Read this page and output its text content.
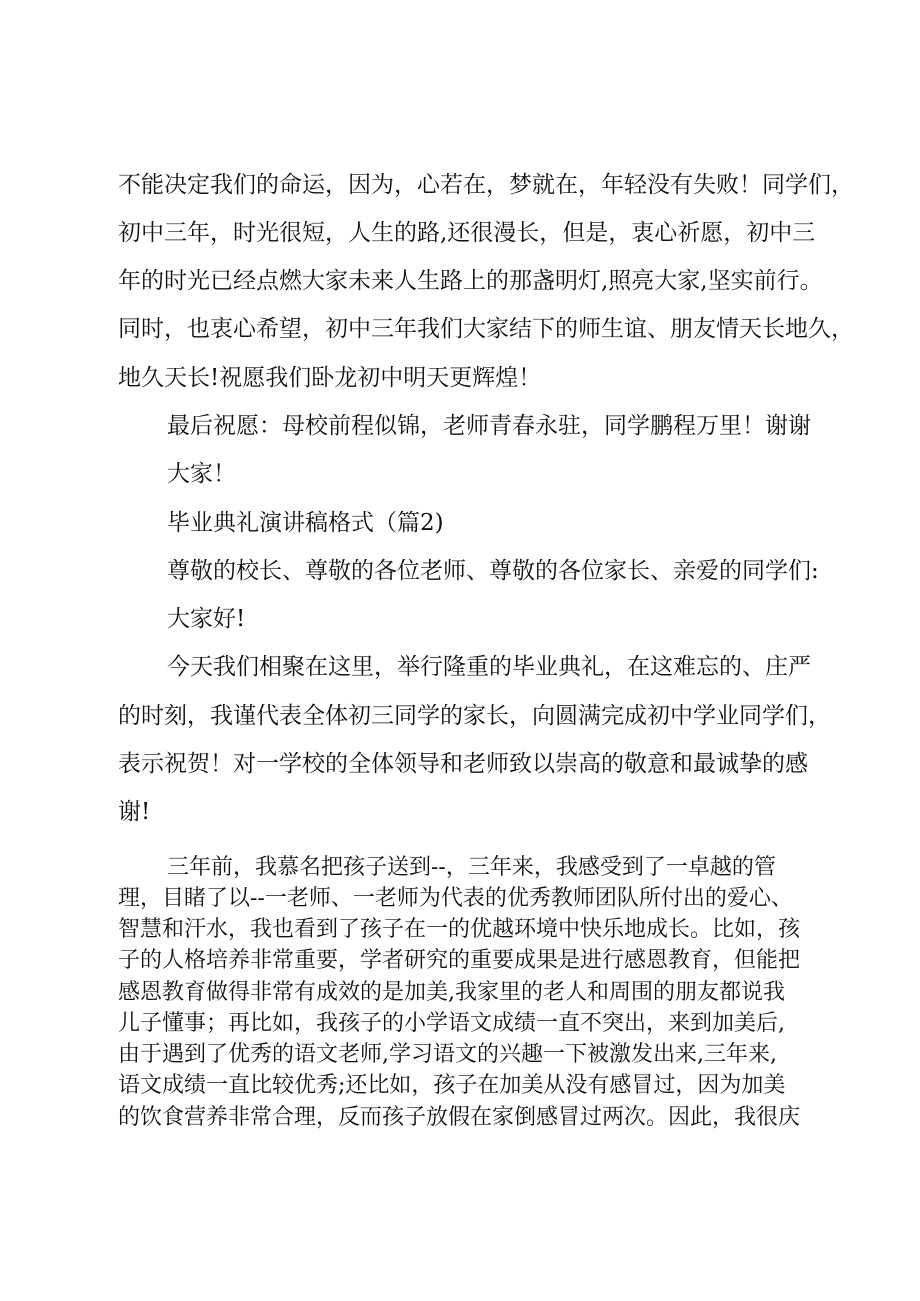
不能决定我们的命运，因为，心若在，梦就在，年轻没有失败！同学们，
初中三年，时光很短，人生的路,还很漫长，但是，衷心祈愿，初中三
年的时光已经点燃大家未来人生路上的那盏明灯,照亮大家,坚实前行。
同时，也衷心希望，初中三年我们大家结下的师生谊、朋友情天长地久，
地久天长!祝愿我们卧龙初中明天更辉煌！
最后祝愿：母校前程似锦，老师青春永驻，同学鹏程万里！谢谢
大家！
毕业典礼演讲稿格式（篇2)
尊敬的校长、尊敬的各位老师、尊敬的各位家长、亲爱的同学们:
大家好!
今天我们相聚在这里，举行隆重的毕业典礼，在这难忘的、庄严
的时刻，我谨代表全体初三同学的家长，向圆满完成初中学业同学们，
表示祝贺！对一学校的全体领导和老师致以崇高的敬意和最诚挚的感
谢!
三年前，我慕名把孩子送到--，三年来，我感受到了一卓越的管
理，目睹了以--一老师、一老师为代表的优秀教师团队所付出的爱心、
智慧和汗水，我也看到了孩子在一的优越环境中快乐地成长。比如，孩
子的人格培养非常重要，学者研究的重要成果是进行感恩教育，但能把
感恩教育做得非常有成效的是加美,我家里的老人和周围的朋友都说我
儿子懂事；再比如，我孩子的小学语文成绩一直不突出，来到加美后,
由于遇到了优秀的语文老师,学习语文的兴趣一下被激发出来,三年来,
语文成绩一直比较优秀;还比如，孩子在加美从没有感冒过，因为加美
的饮食营养非常合理，反而孩子放假在家倒感冒过两次。因此，我很庆
